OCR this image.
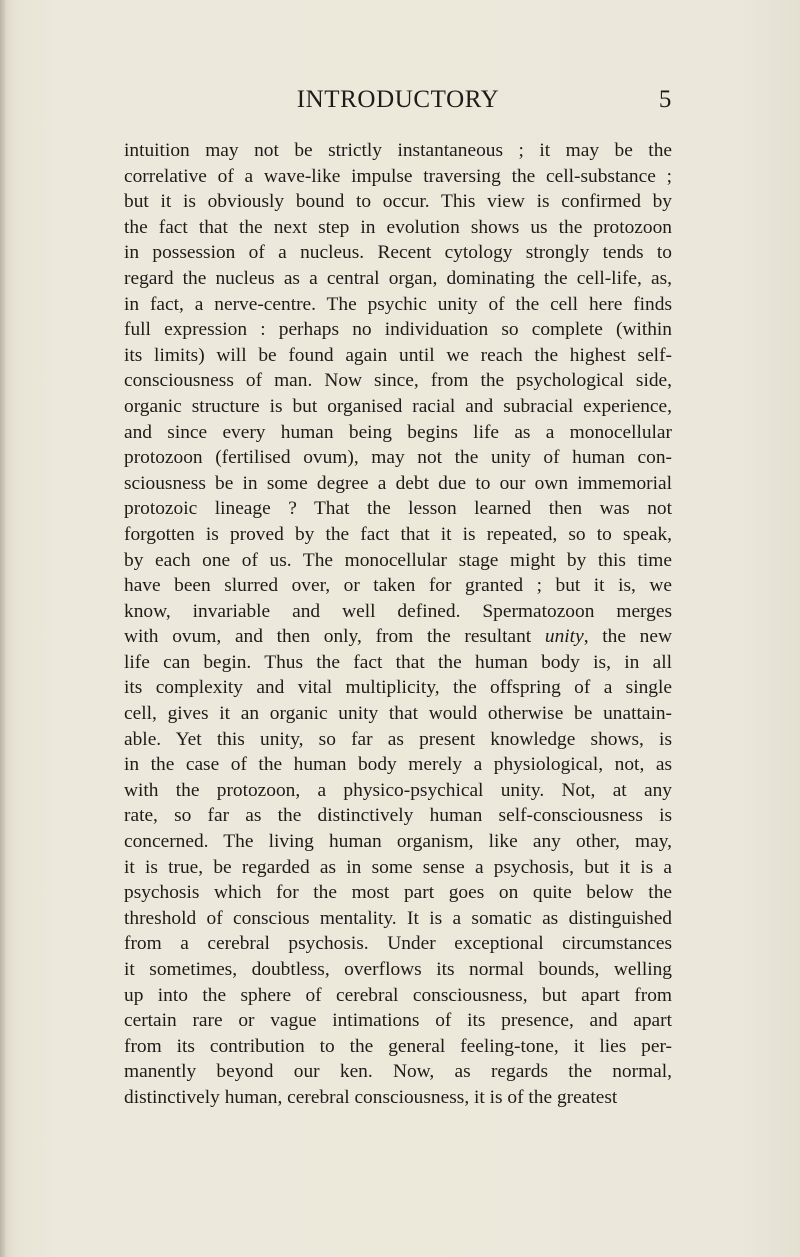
INTRODUCTORY	5
intuition may not be strictly instantaneous ; it may be the
correlative of a wave-like impulse traversing the cell-substance ;
but it is obviously bound to occur. This view is confirmed by
the fact that the next step in evolution shows us the protozoon
in possession of a nucleus. Recent cytology strongly tends to
regard the nucleus as a central organ, dominating the cell-life, as,
in fact, a nerve-centre. The psychic unity of the cell here finds
full expression : perhaps no individuation so complete (within
its limits) will be found again until we reach the highest self-
consciousness of man. Now since, from the psychological side,
organic structure is but organised racial and subracial experience,
and since every human being begins life as a monocellular
protozoon (fertilised ovum), may not the unity of human con-
sciousness be in some degree a debt due to our own immemorial
protozoic lineage ? That the lesson learned then was not
forgotten is proved by the fact that it is repeated, so to speak,
by each one of us. The monocellular stage might by this time
have been slurred over, or taken for granted ; but it is, we
know, invariable and well defined. Spermatozoon merges
with ovum, and then only, from the resultant unity, the new
life can begin. Thus the fact that the human body is, in all
its complexity and vital multiplicity, the offspring of a single
cell, gives it an organic unity that would otherwise be unattain-
able. Yet this unity, so far as present knowledge shows, is
in the case of the human body merely a physiological, not, as
with the protozoon, a physico-psychical unity. Not, at any
rate, so far as the distinctively human self-consciousness is
concerned. The living human organism, like any other, may,
it is true, be regarded as in some sense a psychosis, but it is a
psychosis which for the most part goes on quite below the
threshold of conscious mentality. It is a somatic as distinguished
from a cerebral psychosis. Under exceptional circumstances
it sometimes, doubtless, overflows its normal bounds, welling
up into the sphere of cerebral consciousness, but apart from
certain rare or vague intimations of its presence, and apart
from its contribution to the general feeling-tone, it lies per-
manently beyond our ken. Now, as regards the normal,
distinctively human, cerebral consciousness, it is of the greatest
